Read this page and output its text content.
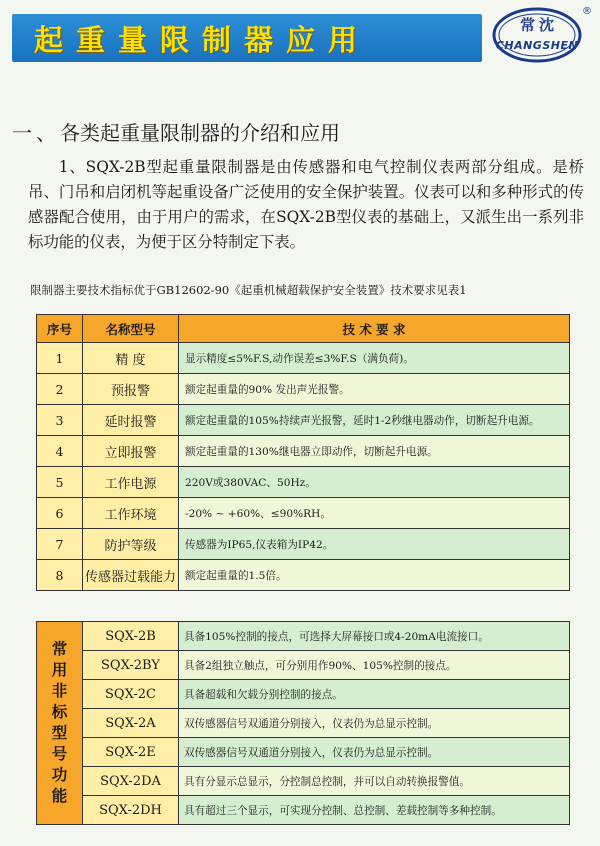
起重量限制器应用	常沈
CHANGSHEN
®
一、各类起重量限制器的介绍和应用
1、SQX-2B型起重量限制器是由传感器和电气控制仪表两部分组成。是桥吊、门吊和启闭机等起重设备广泛使用的安全保护装置。仪表可以和多种形式的传感器配合使用，由于用户的需求，在SQX-2B型仪表的基础上，又派生出一系列非标功能的仪表，为便于区分特制定下表。
限制器主要技术指标优于GB12602-90《起重机械超载保护安全装置》技术要求见表1
序号	名称型号	技 术 要 求
1	精 度	显示精度≤5%F.S,动作误差≤3%F.S（满负荷)。
2	预报警	额定起重量的90% 发出声光报警。
3	延时报警	额定起重量的105%持续声光报警，延时1-2秒继电器动作，切断起升电源。
4	立即报警	额定起重量的130%继电器立即动作，切断起升电源。
5	工作电源	220V或380VAC、50Hz。
6	工作环境	-20% ~ +60%、≤90%RH。
7	防护等级	传感器为IP65,仪表箱为IP42。
8	传感器过载能力	额定起重量的1.5倍。
常用非标型号功能	SQX-2B	具备105%控制的接点，可选择大屏幕接口或4-20mA电流接口。
	SQX-2BY	具备2组独立触点，可分别用作90%、105%控制的接点。
	SQX-2C	具备超载和欠载分别控制的接点。
	SQX-2A	双传感器信号双通道分别接入，仪表仍为总显示控制。
	SQX-2E	双传感器信号双通道分别接入，仪表仍为总显示控制。
	SQX-2DA	具有分显示总显示，分控制总控制，并可以自动转换报警值。
	SQX-2DH	具有超过三个显示，可实现分控制、总控制、差载控制等多种控制。
